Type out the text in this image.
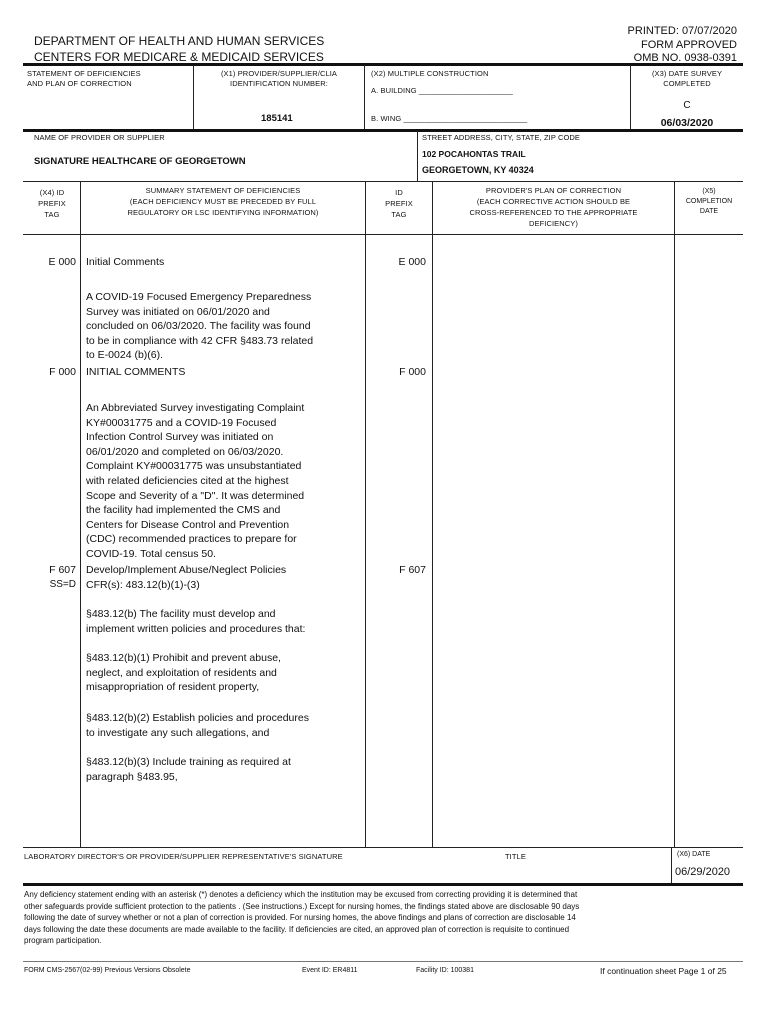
DEPARTMENT OF HEALTH AND HUMAN SERVICES
CENTERS FOR MEDICARE & MEDICAID SERVICES
PRINTED: 07/07/2020
FORM APPROVED
OMB NO. 0938-0391
STATEMENT OF DEFICIENCIES
AND PLAN OF CORRECTION
(X1) PROVIDER/SUPPLIER/CLIA
IDENTIFICATION NUMBER:
185141
(X2) MULTIPLE CONSTRUCTION
A. BUILDING ______________________
B. WING _____________________________
(X3) DATE SURVEY
COMPLETED
C
06/03/2020
NAME OF PROVIDER OR SUPPLIER
SIGNATURE HEALTHCARE OF GEORGETOWN
STREET ADDRESS, CITY, STATE, ZIP CODE
102 POCAHONTAS TRAIL
GEORGETOWN, KY 40324
(X4) ID
PREFIX
TAG
SUMMARY STATEMENT OF DEFICIENCIES
(EACH DEFICIENCY MUST BE PRECEDED BY FULL
REGULATORY OR LSC IDENTIFYING INFORMATION)
ID
PREFIX
TAG
PROVIDER'S PLAN OF CORRECTION
(EACH CORRECTIVE ACTION SHOULD BE
CROSS-REFERENCED TO THE APPROPRIATE
DEFICIENCY)
(X5)
COMPLETION
DATE
E 000 Initial Comments	E 000
A COVID-19 Focused Emergency Preparedness
Survey was initiated on 06/01/2020 and
concluded on 06/03/2020. The facility was found
to be in compliance with 42 CFR §483.73 related
to E-0024 (b)(6).
F 000 INITIAL COMMENTS	F 000
An Abbreviated Survey investigating Complaint
KY#00031775 and a COVID-19 Focused
Infection Control Survey was initiated on
06/01/2020 and completed on 06/03/2020.
Complaint KY#00031775 was unsubstantiated
with related deficiencies cited at the highest
Scope and Severity of a "D". It was determined
the facility had implemented the CMS and
Centers for Disease Control and Prevention
(CDC) recommended practices to prepare for
COVID-19. Total census 50.
F 607
SS=D
Develop/Implement Abuse/Neglect Policies
CFR(s): 483.12(b)(1)-(3)
F 607
§483.12(b) The facility must develop and
implement written policies and procedures that:
§483.12(b)(1) Prohibit and prevent abuse,
neglect, and exploitation of residents and
misappropriation of resident property,
§483.12(b)(2) Establish policies and procedures
to investigate any such allegations, and
§483.12(b)(3) Include training as required at
paragraph §483.95,
LABORATORY DIRECTOR'S OR PROVIDER/SUPPLIER REPRESENTATIVE'S SIGNATURE	TITLE	(X6) DATE
06/29/2020
Any deficiency statement ending with an asterisk (*) denotes a deficiency which the institution may be excused from correcting providing it is determined that
other safeguards provide sufficient protection to the patients . (See instructions.) Except for nursing homes, the findings stated above are disclosable 90 days
following the date of survey whether or not a plan of correction is provided. For nursing homes, the above findings and plans of correction are disclosable 14
days following the date these documents are made available to the facility. If deficiencies are cited, an approved plan of correction is requisite to continued
program participation.
FORM CMS-2567(02-99) Previous Versions Obsolete	Event ID: ER4811	Facility ID: 100381	If continuation sheet Page 1 of 25
